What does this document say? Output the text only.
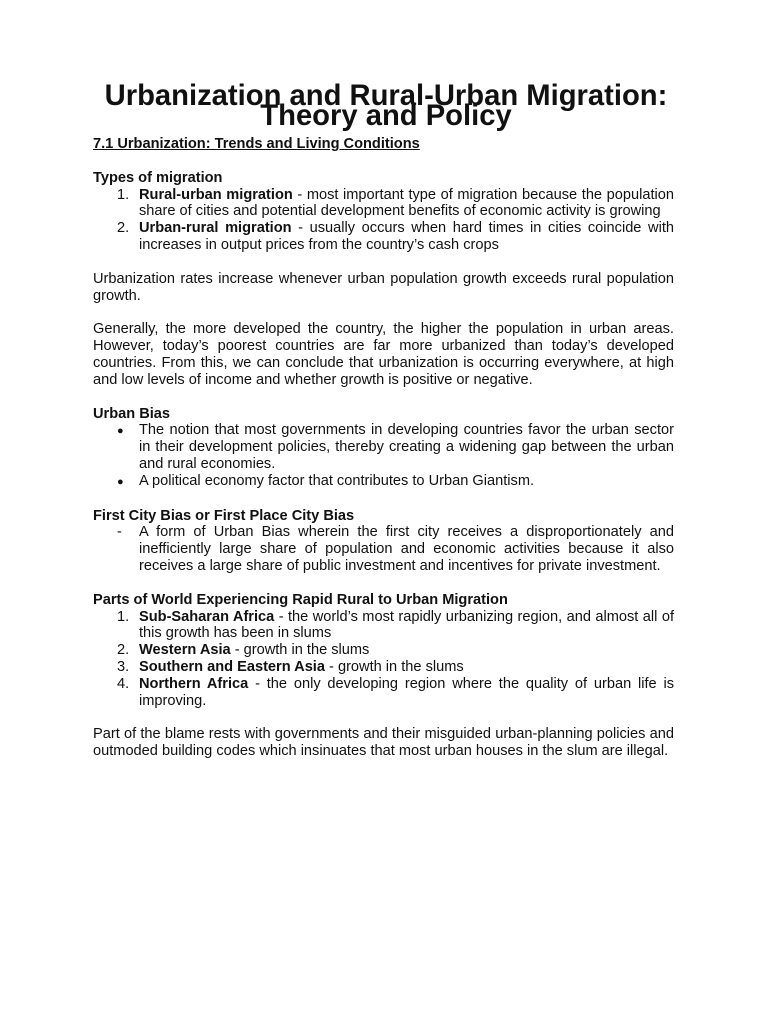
Urbanization and Rural-Urban Migration: Theory and Policy
7.1 Urbanization: Trends and Living Conditions
Types of migration
1. Rural-urban migration - most important type of migration because the population share of cities and potential development benefits of economic activity is growing
2. Urban-rural migration - usually occurs when hard times in cities coincide with increases in output prices from the country’s cash crops

Urbanization rates increase whenever urban population growth exceeds rural population growth.

Generally, the more developed the country, the higher the population in urban areas. However, today’s poorest countries are far more urbanized than today’s developed countries. From this, we can conclude that urbanization is occurring everywhere, at high and low levels of income and whether growth is positive or negative.

Urban Bias
●	The notion that most governments in developing countries favor the urban sector in their development policies, thereby creating a widening gap between the urban and rural economies.
●	A political economy factor that contributes to Urban Giantism.
First City Bias or First Place City Bias
-	A form of Urban Bias wherein the first city receives a disproportionately and inefficiently large share of population and economic activities because it also receives a large share of public investment and incentives for private investment.
Parts of World Experiencing Rapid Rural to Urban Migration
1. Sub-Saharan Africa - the world’s most rapidly urbanizing region, and almost all of this growth has been in slums
2. Western Asia - growth in the slums
3. Southern and Eastern Asia - growth in the slums
4. Northern Africa - the only developing region where the quality of urban life is improving.

Part of the blame rests with governments and their misguided urban-planning policies and outmoded building codes which insinuates that most urban houses in the slum are illegal.
